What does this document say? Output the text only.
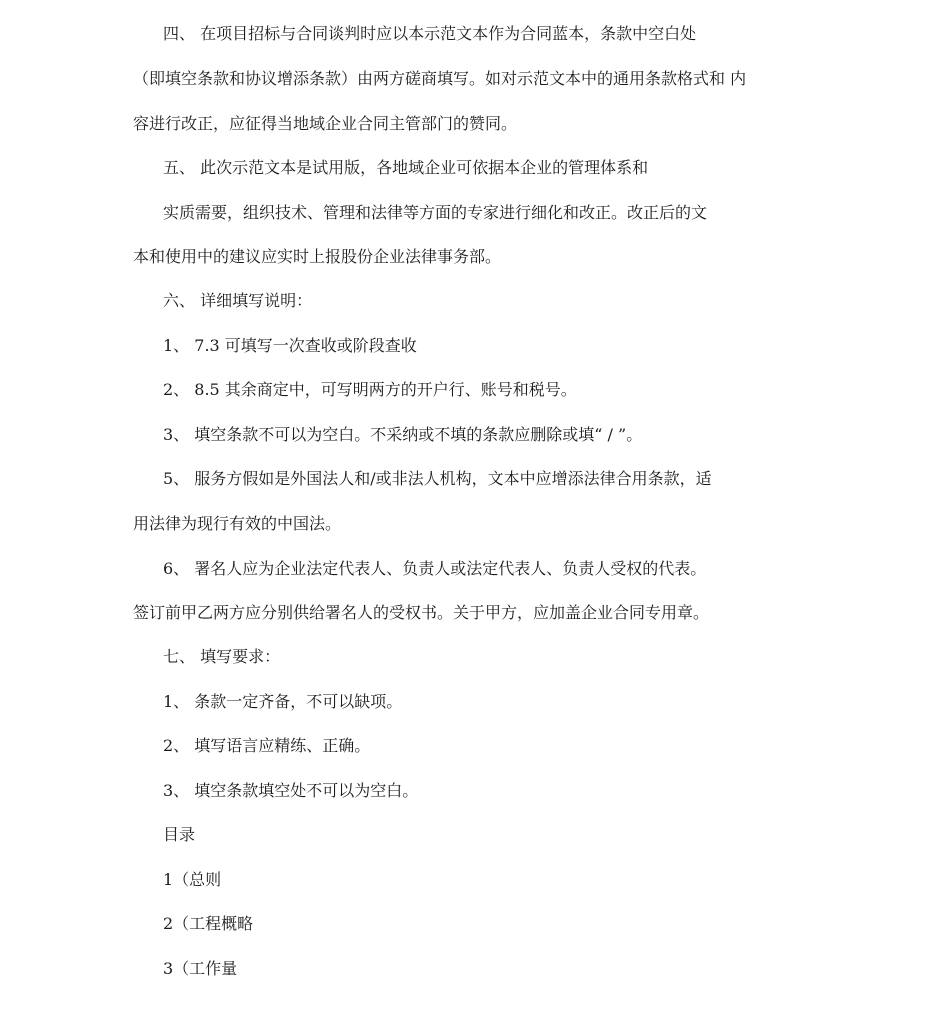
四、 在项目招标与合同谈判时应以本示范文本作为合同蓝本，条款中空白处
（即填空条款和协议增添条款）由两方磋商填写。如对示范文本中的通用条款格式和 内
容进行改正，应征得当地域企业合同主管部门的赞同。
五、 此次示范文本是试用版，各地域企业可依据本企业的管理体系和
实质需要，组织技术、管理和法律等方面的专家进行细化和改正。改正后的文
本和使用中的建议应实时上报股份企业法律事务部。
六、 详细填写说明：
1、 7.3 可填写一次查收或阶段查收
2、 8.5 其余商定中，可写明两方的开户行、账号和税号。
3、 填空条款不可以为空白。不采纳或不填的条款应删除或填“ / ”。
5、 服务方假如是外国法人和/或非法人机构，文本中应增添法律合用条款，适
用法律为现行有效的中国法。
6、 署名人应为企业法定代表人、负责人或法定代表人、负责人受权的代表。
签订前甲乙两方应分别供给署名人的受权书。关于甲方，应加盖企业合同专用章。
七、 填写要求：
1、 条款一定齐备，不可以缺项。
2、 填写语言应精练、正确。
3、 填空条款填空处不可以为空白。
目录
1（总则
2（工程概略
3（工作量
